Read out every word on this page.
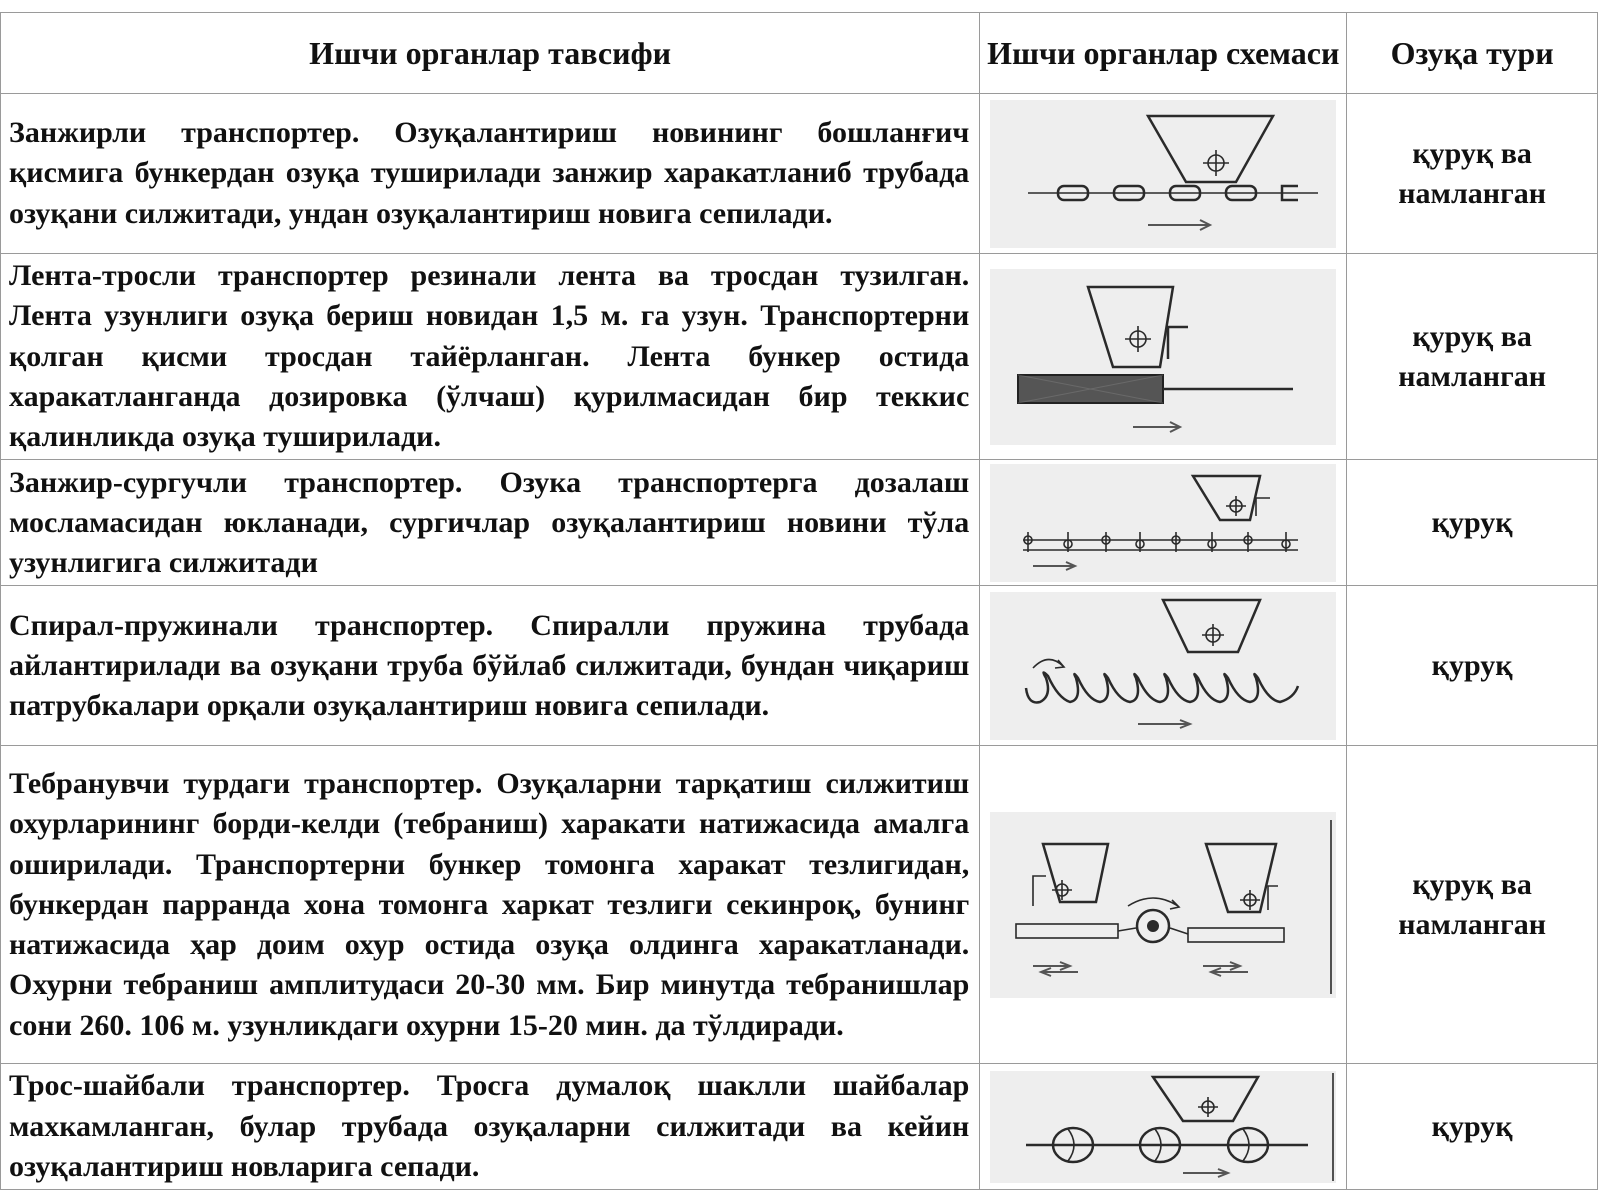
Ишчи органлар тавсифи	Ишчи органлар схемаси	Озуқа тури
Занжирли транспортер. Озуқалантириш новининг бошланғич қисмига бункердан озуқа туширилади занжир харакатланиб трубада озуқани силжитади, ундан озуқалантириш новига сепилади.		қуруқ ва намланган
Лента-тросли транспортер резинали лента ва тросдан тузилган. Лента узунлиги озуқа бериш новидан 1,5 м. га узун. Транспортерни қолган қисми тросдан тайёрланган. Лента бункер остида харакатланганда дозировка (ўлчаш) қурилмасидан бир теккис қалинликда озуқа туширилади.		қуруқ ва намланган
Занжир-сургучли транспортер. Озука транспортерга дозалаш мосламасидан юкланади, сургичлар озуқалантириш новини тўла узунлигига силжитади		қуруқ
Спирал-пружинали транспортер. Спиралли пружина трубада айлантирилади ва озуқани труба бўйлаб силжитади, бундан чиқариш патрубкалари орқали озуқалантириш новига сепилади.		қуруқ
Тебранувчи турдаги транспортер. Озуқаларни тарқатиш силжитиш охурларининг борди-келди (тебраниш) харакати натижасида амалга оширилади. Транспортерни бункер томонга харакат тезлигидан, бункердан парранда хона томонга харкат тезлиги секинроқ, бунинг натижасида ҳар доим охур остида озуқа олдинга харакатланади. Охурни тебраниш амплитудаси 20-30 мм. Бир минутда тебранишлар сони 260. 106 м. узунликдаги охурни 15-20 мин. да тўлдиради.		қуруқ ва намланган
Трос-шайбали транспортер. Тросга думалоқ шаклли шайбалар махкамланган, булар трубада озуқаларни силжитади ва кейин озуқалантириш новларига сепади.		қуруқ
